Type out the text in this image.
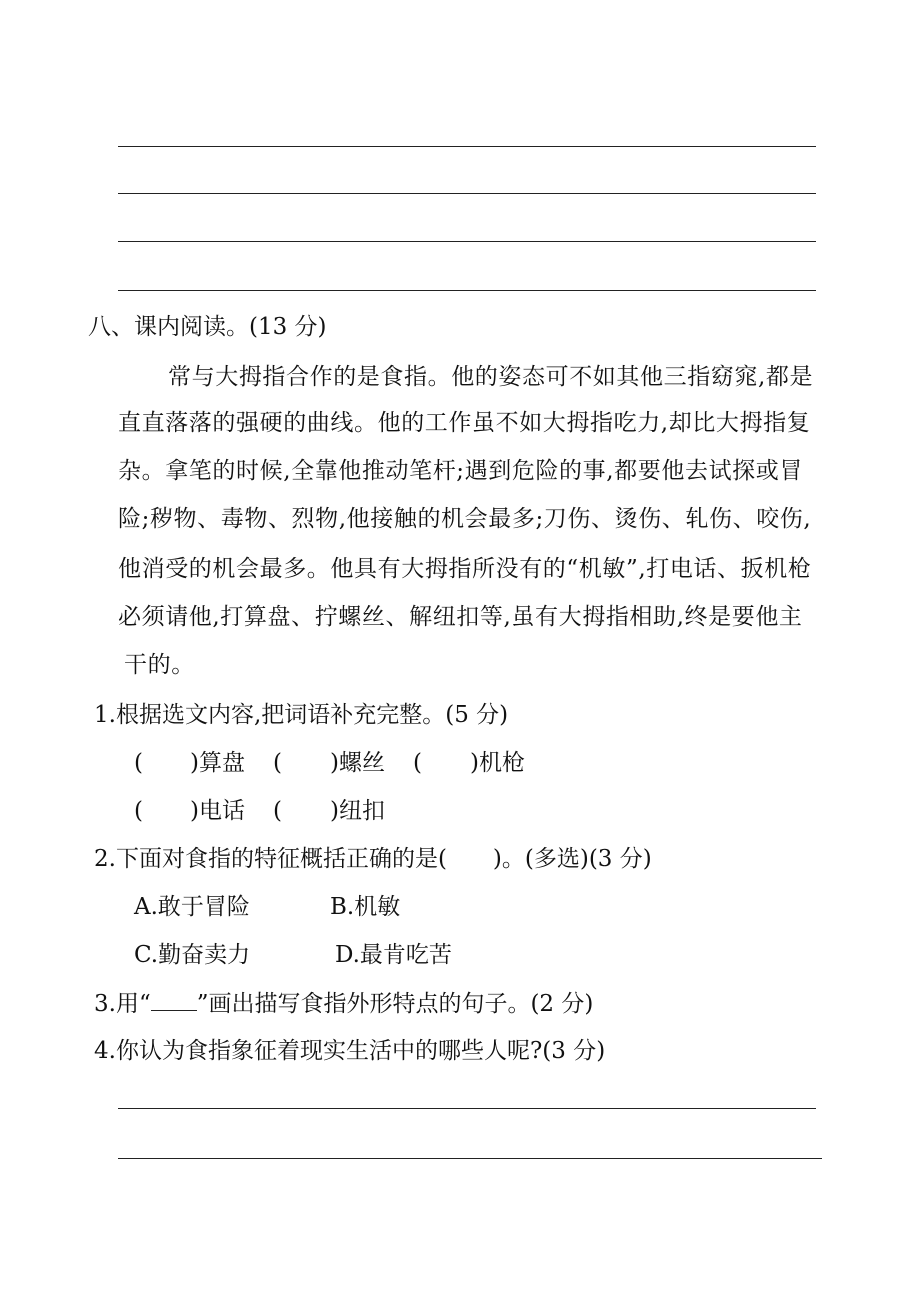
八、课内阅读。(13 分)
常与大拇指合作的是食指。他的姿态可不如其他三指窈窕,都是
直直落落的强硬的曲线。他的工作虽不如大拇指吃力,却比大拇指复
杂。拿笔的时候,全靠他推动笔杆;遇到危险的事,都要他去试探或冒
险;秽物、毒物、烈物,他接触的机会最多;刀伤、烫伤、轧伤、咬伤,
他消受的机会最多。他具有大拇指所没有的“机敏”,打电话、扳机枪
必须请他,打算盘、拧螺丝、解纽扣等,虽有大拇指相助,终是要他主
干的。
1.根据选文内容,把词语补充完整。(5 分)
( )算盘 ( )螺丝 ( )机枪
( )电话 ( )纽扣
2.下面对食指的特征概括正确的是(　　)。(多选)(3 分)
A.敢于冒险	B.机敏
C.勤奋卖力	D.最肯吃苦
3.用“ ”画出描写食指外形特点的句子。(2 分)
4.你认为食指象征着现实生活中的哪些人呢?(3 分)
